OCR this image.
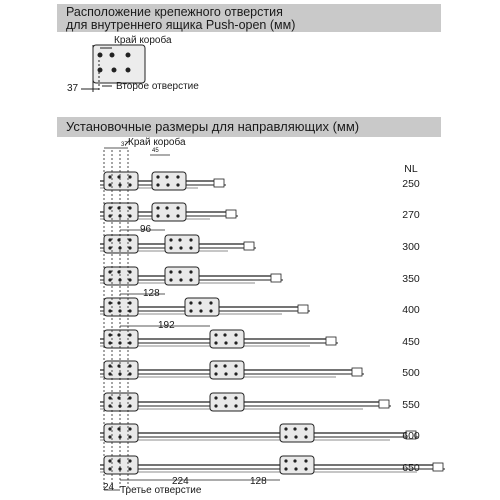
Расположение крепежного отверстия
для внутреннего ящика Push-open (мм)
Установочные размеры для направляющих (мм)
Край короба
Второе отверстие
37
Край короба
NL
96
128
192
224	128
37
45
24 Третье отверстие
250
270
300
350
400
450
500
550
600
650
